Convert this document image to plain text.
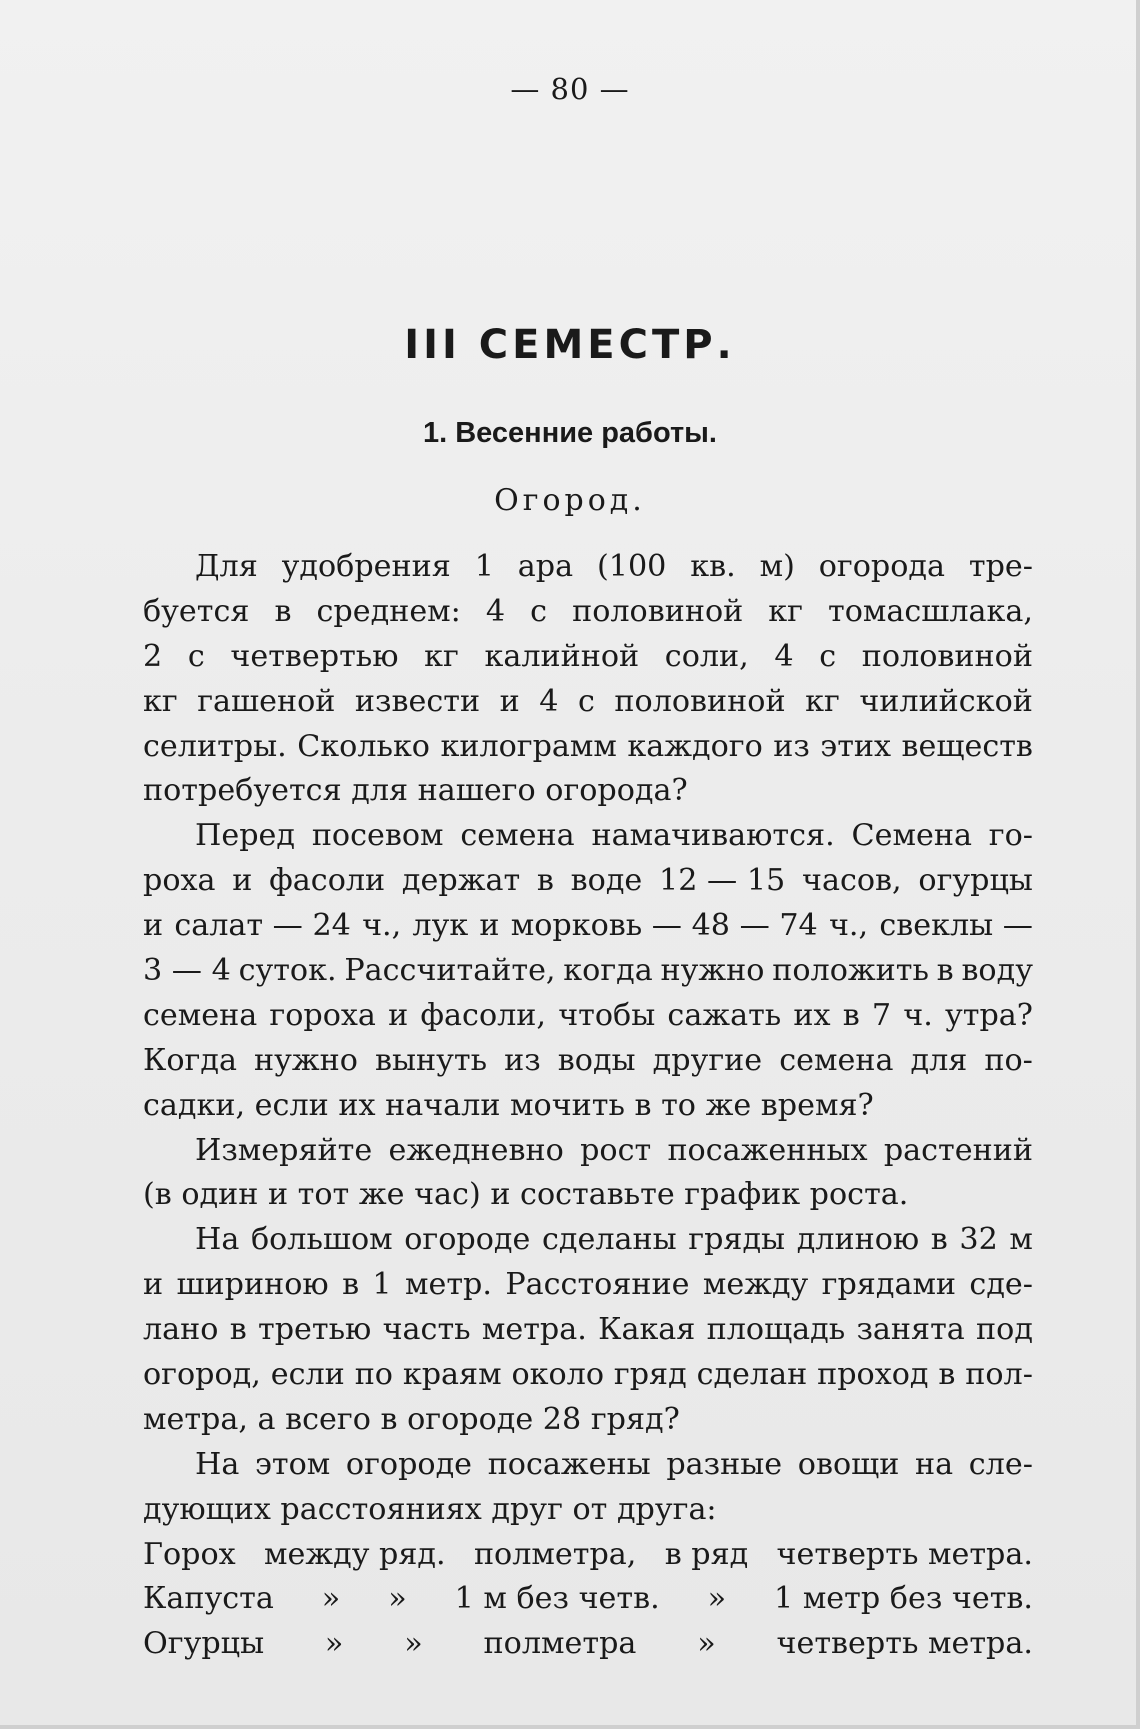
— 80 —
III СЕМЕСТР.
1. Весенние работы.
Огород.
Для удобрения 1 ара (100 кв. м) огорода тре-
буется в среднем: 4 с половиной кг томасшлака,
2 с четвертью кг калийной соли, 4 с половиной
кг гашеной извести и 4 с половиной кг чилийской
селитры. Сколько килограмм каждого из этих веществ
потребуется для нашего огорода?
Перед посевом семена намачиваются. Семена го-
роха и фасоли держат в воде 12 — 15 часов, огурцы
и салат — 24 ч., лук и морковь — 48 — 74 ч., свеклы —
3 — 4 суток. Рассчитайте, когда нужно положить в воду
семена гороха и фасоли, чтобы сажать их в 7 ч. утра?
Когда нужно вынуть из воды другие семена для по-
садки, если их начали мочить в то же время?
Измеряйте ежедневно рост посаженных растений
(в один и тот же час) и составьте график роста.
На большом огороде сделаны гряды длиною в 32 м
и шириною в 1 метр. Расстояние между грядами сде-
лано в третью часть метра. Какая площадь занята под
огород, если по краям около гряд сделан проход в пол-
метра, а всего в огороде 28 гряд?
На этом огороде посажены разные овощи на сле-
дующих расстояниях друг от друга:
Горох между ряд. полметра, в ряд четверть метра.
Капуста » » 1 м без четв. » 1 метр без четв.
Огурцы » » полметра » четверть метра.
